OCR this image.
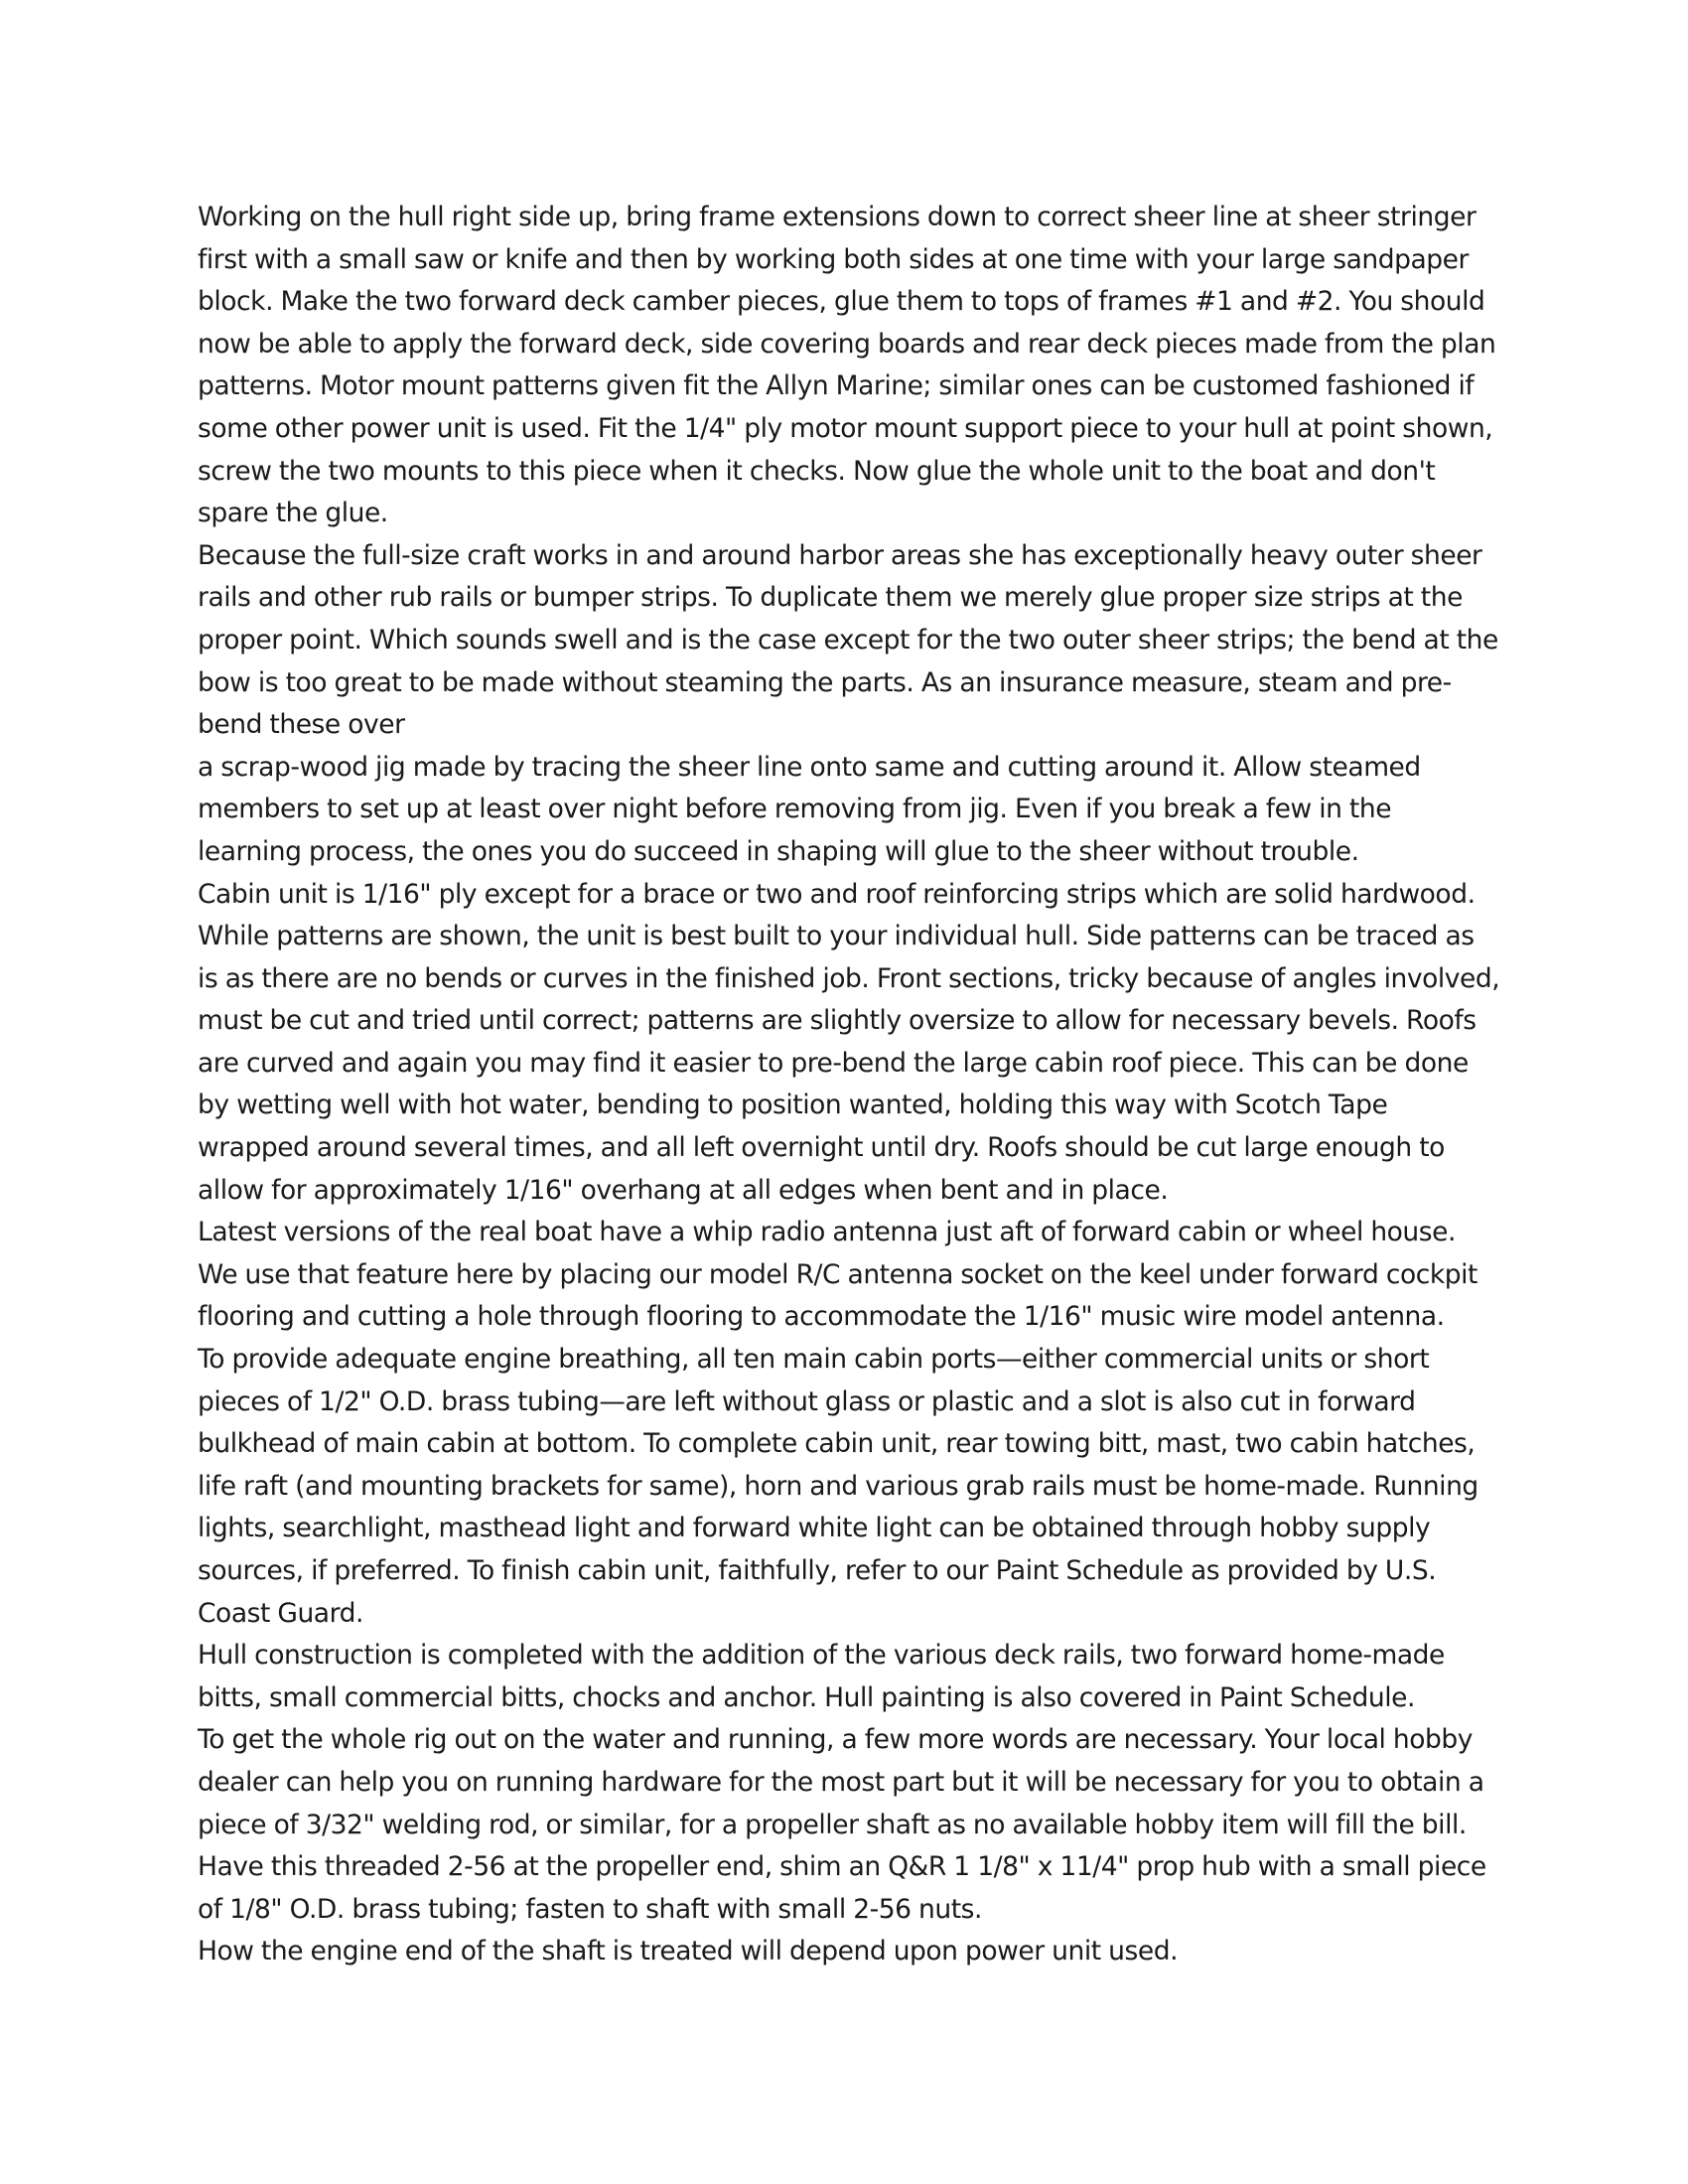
Working on the hull right side up, bring frame extensions down to correct sheer line at sheer stringer first with a small saw or knife and then by working both sides at one time with your large sandpaper block. Make the two forward deck camber pieces, glue them to tops of frames #1 and #2. You should now be able to apply the forward deck, side covering boards and rear deck pieces made from the plan patterns. Motor mount patterns given fit the Allyn Marine; similar ones can be customed fashioned if some other power unit is used. Fit the 1/4" ply motor mount support piece to your hull at point shown, screw the two mounts to this piece when it checks. Now glue the whole unit to the boat and don't spare the glue.

Because the full-size craft works in and around harbor areas she has exceptionally heavy outer sheer rails and other rub rails or bumper strips. To duplicate them we merely glue proper size strips at the proper point. Which sounds swell and is the case except for the two outer sheer strips; the bend at the bow is too great to be made without steaming the parts. As an insurance measure, steam and pre-bend these over

a scrap-wood jig made by tracing the sheer line onto same and cutting around it. Allow steamed members to set up at least over night before removing from jig. Even if you break a few in the learning process, the ones you do succeed in shaping will glue to the sheer without trouble.

Cabin unit is 1/16" ply except for a brace or two and roof reinforcing strips which are solid hardwood. While patterns are shown, the unit is best built to your individual hull. Side patterns can be traced as is as there are no bends or curves in the finished job. Front sections, tricky because of angles involved, must be cut and tried until correct; patterns are slightly oversize to allow for necessary bevels. Roofs are curved and again you may find it easier to pre-bend the large cabin roof piece. This can be done by wetting well with hot water, bending to position wanted, holding this way with Scotch Tape wrapped around several times, and all left overnight until dry. Roofs should be cut large enough to allow for approximately 1/16" overhang at all edges when bent and in place.

Latest versions of the real boat have a whip radio antenna just aft of forward cabin or wheel house. We use that feature here by placing our model R/C antenna socket on the keel under forward cockpit flooring and cutting a hole through flooring to accommodate the 1/16" music wire model antenna.

To provide adequate engine breathing, all ten main cabin ports—either commercial units or short pieces of 1/2" O.D. brass tubing—are left without glass or plastic and a slot is also cut in forward bulkhead of main cabin at bottom. To complete cabin unit, rear towing bitt, mast, two cabin hatches, life raft (and mounting brackets for same), horn and various grab rails must be home-made. Running lights, searchlight, masthead light and forward white light can be obtained through hobby supply sources, if preferred. To finish cabin unit, faithfully, refer to our Paint Schedule as provided by U.S. Coast Guard.

Hull construction is completed with the addition of the various deck rails, two forward home-made bitts, small commercial bitts, chocks and anchor. Hull painting is also covered in Paint Schedule.

To get the whole rig out on the water and running, a few more words are necessary. Your local hobby dealer can help you on running hardware for the most part but it will be necessary for you to obtain a piece of 3/32" welding rod, or similar, for a propeller shaft as no available hobby item will fill the bill. Have this threaded 2-56 at the propeller end, shim an Q&R 1 1/8" x 11/4" prop hub with a small piece of 1/8" O.D. brass tubing; fasten to shaft with small 2-56 nuts.

How the engine end of the shaft is treated will depend upon power unit used.
